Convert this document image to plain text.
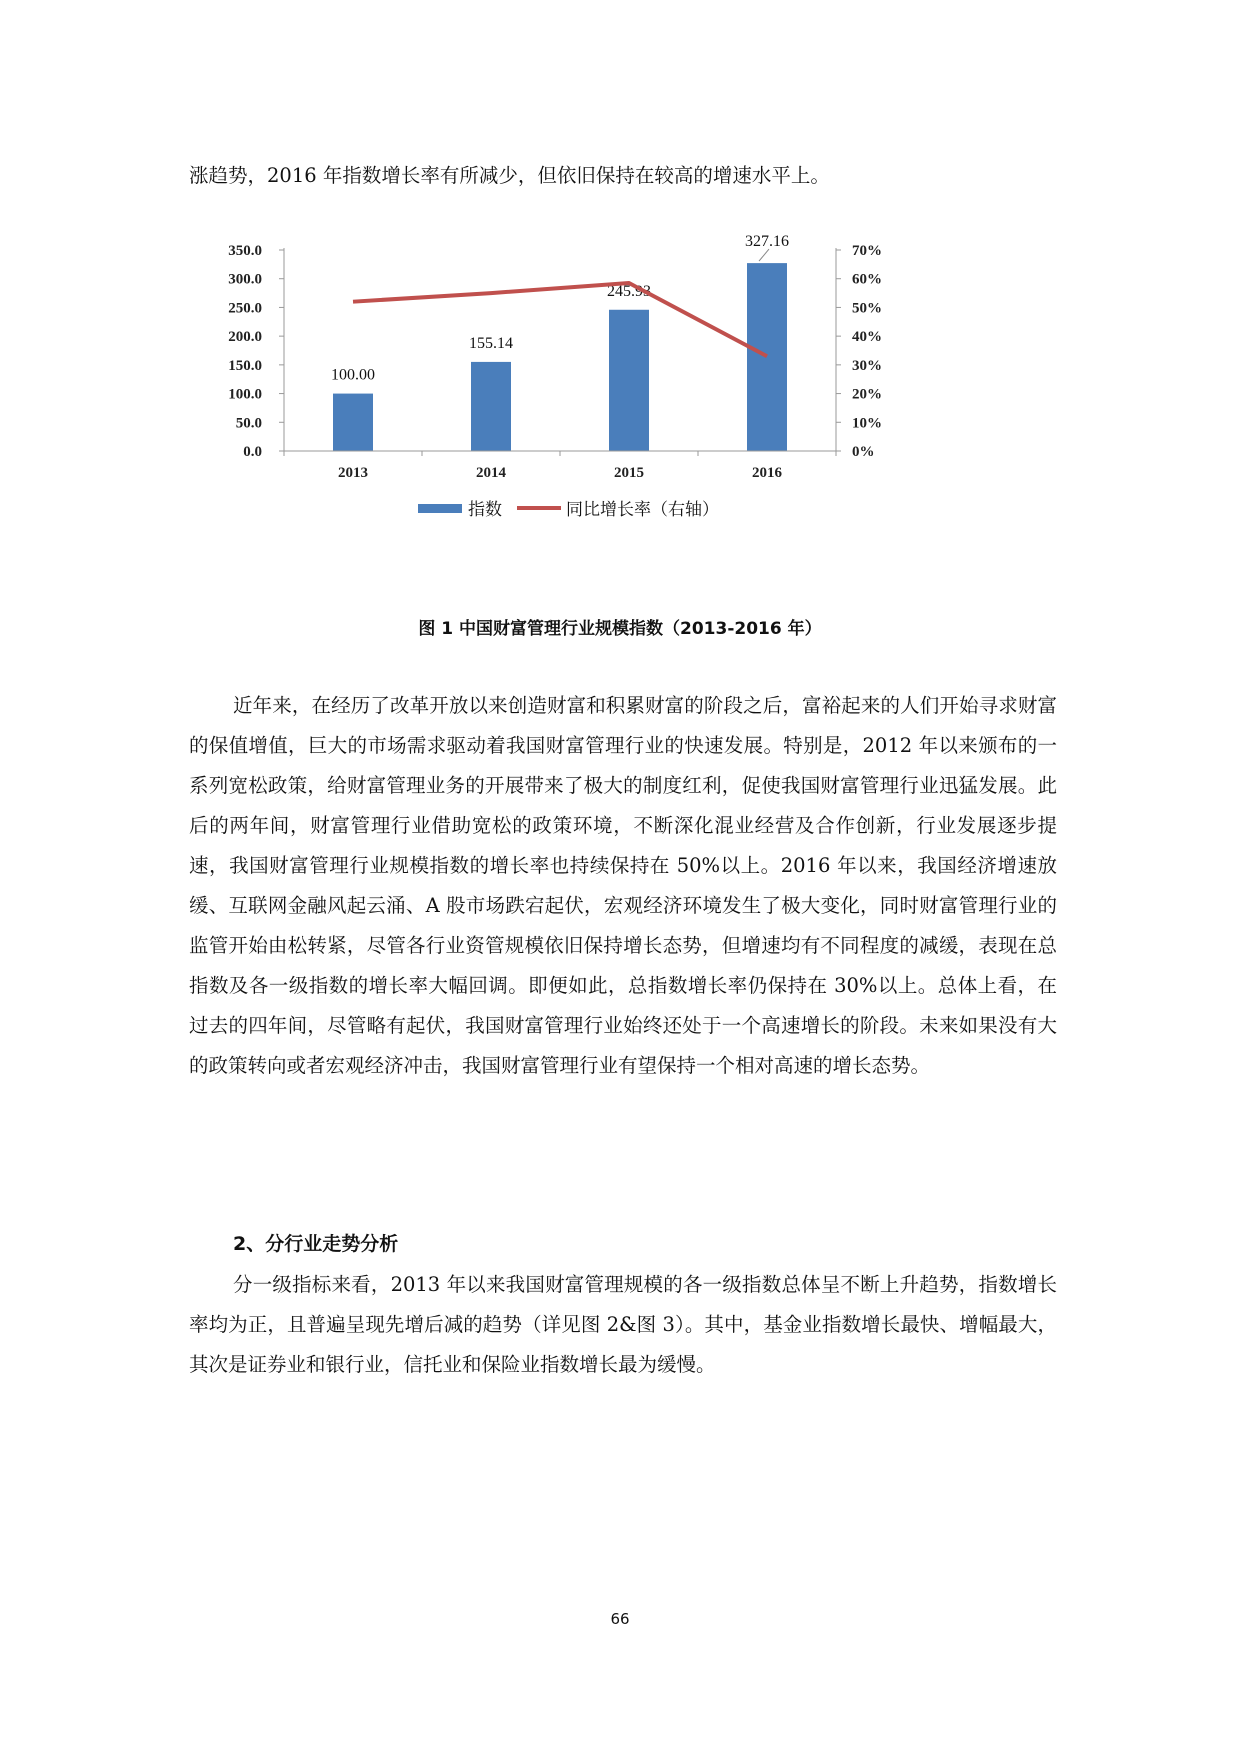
涨趋势，2016 年指数增长率有所减少，但依旧保持在较高的增速水平上。

0.0
50.0
100.0
150.0
200.0
250.0
300.0
350.0
0%
10%
20%
30%
40%
50%
60%
70%
2013	2014	2015	2016
100.00
155.14
245.93
327.16
指数	同比增长率（右轴）
图 1 中国财富管理行业规模指数（2013-2016 年）

近年来，在经历了改革开放以来创造财富和积累财富的阶段之后，富裕起来的人们开始寻求财富的保值增值，巨大的市场需求驱动着我国财富管理行业的快速发展。特别是，2012 年以来颁布的一系列宽松政策，给财富管理业务的开展带来了极大的制度红利，促使我国财富管理行业迅猛发展。此后的两年间，财富管理行业借助宽松的政策环境，不断深化混业经营及合作创新，行业发展逐步提速，我国财富管理行业规模指数的增长率也持续保持在 50%以上。2016 年以来，我国经济增速放缓、互联网金融风起云涌、A 股市场跌宕起伏，宏观经济环境发生了极大变化，同时财富管理行业的监管开始由松转紧，尽管各行业资管规模依旧保持增长态势，但增速均有不同程度的减缓，表现在总指数及各一级指数的增长率大幅回调。即便如此，总指数增长率仍保持在 30%以上。总体上看，在过去的四年间，尽管略有起伏，我国财富管理行业始终还处于一个高速增长的阶段。未来如果没有大的政策转向或者宏观经济冲击，我国财富管理行业有望保持一个相对高速的增长态势。

2、分行业走势分析

分一级指标来看，2013 年以来我国财富管理规模的各一级指数总体呈不断上升趋势，指数增长率均为正，且普遍呈现先增后减的趋势（详见图 2&图 3）。其中，基金业指数增长最快、增幅最大，其次是证券业和银行业，信托业和保险业指数增长最为缓慢。

66
